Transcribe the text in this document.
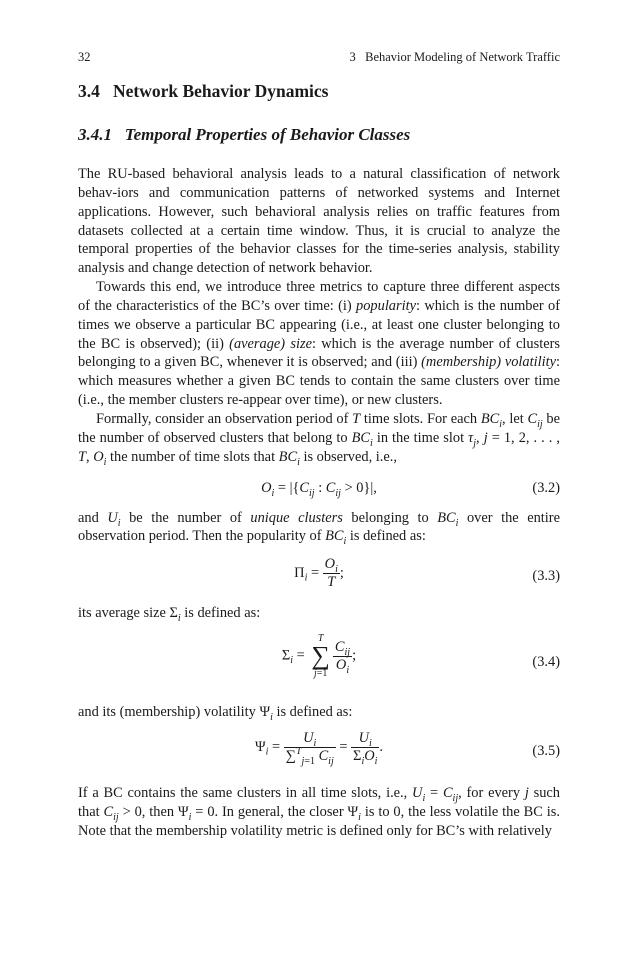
32	3   Behavior Modeling of Network Traffic
3.4   Network Behavior Dynamics
3.4.1   Temporal Properties of Behavior Classes

The RU-based behavioral analysis leads to a natural classification of network behav-iors and communication patterns of networked systems and Internet applications. However, such behavioral analysis relies on traffic features from datasets collected at a certain time window. Thus, it is crucial to analyze the temporal properties of the behavior classes for the time-series analysis, stability analysis and change detection of network behavior.

Towards this end, we introduce three metrics to capture three different aspects of the characteristics of the BC’s over time: (i) popularity: which is the number of times we observe a particular BC appearing (i.e., at least one cluster belonging to the BC is observed); (ii) (average) size: which is the average number of clusters belonging to a given BC, whenever it is observed; and (iii) (membership) volatility: which measures whether a given BC tends to contain the same clusters over time (i.e., the member clusters re-appear over time), or new clusters.

Formally, consider an observation period of T time slots. For each $BC_i$, let $C_{ij}$ be the number of observed clusters that belong to $BC_i$ in the time slot $\tau_j$, j = 1, 2, . . . , T, $O_i$ the number of time slots that $BC_i$ is observed, i.e.,

$O_i = |\{C_{ij}$ : $C_{ij} > 0\}|$,	(3.2)

and $U_i$ be the number of unique clusters belonging to $BC_i$ over the entire observation period. Then the popularity of $BC_i$ is defined as:

$\Pi_i = \frac{O_i}{T}$ ;	(3.3)

its average size $\Sigma_i$ is defined as:

$\Sigma_i = T$
∑
$j=1 \frac{C_{ij}}{O_i}$ ;	(3.4)

and its (membership) volatility $\Psi_i$ is defined as:

$\Psi_i = \frac{U_i}{\sum^T_{j=1} C_{ij}} = \frac{U_i}{\Sigma_iO_i}$ .	(3.5)

If a BC contains the same clusters in all time slots, i.e., $U_i = C_{ij}$, for every j such that $C_{ij} > 0$, then $\Psi_i = 0$. In general, the closer $\Psi_i$ is to 0, the less volatile the BC is. Note that the membership volatility metric is defined only for BC’s with relatively
